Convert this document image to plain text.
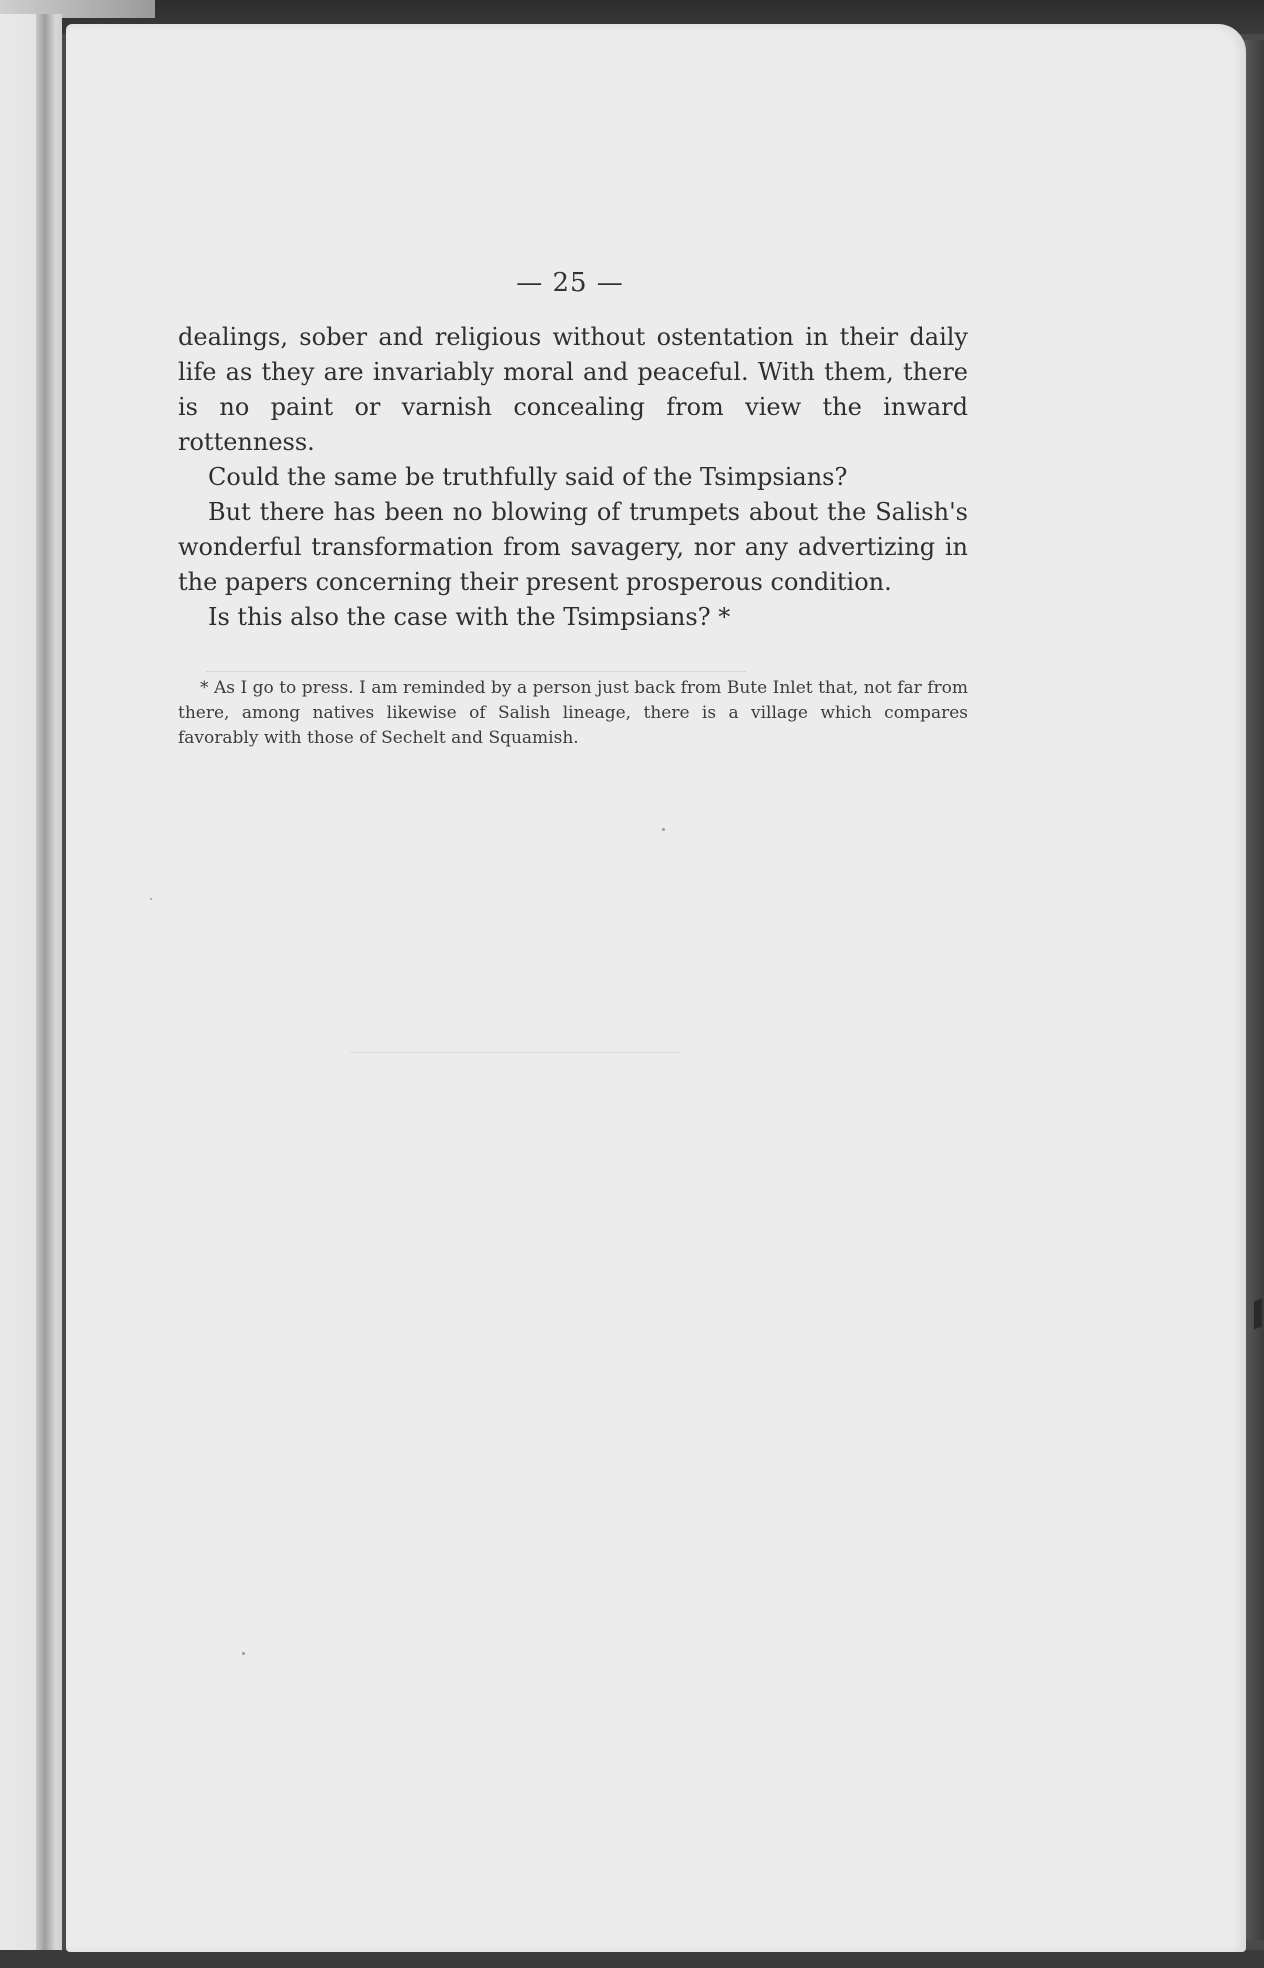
— 25 —

dealings, sober and religious without ostentation in their daily life as they are invariably moral and peaceful. With them, there is no paint or varnish concealing from view the inward rottenness.

Could the same be truthfully said of the Tsimpsians?

But there has been no blowing of trumpets about the Salish's wonderful transformation from savagery, nor any advertizing in the papers concerning their present prosperous condition.

Is this also the case with the Tsimpsians? *

* As I go to press. I am reminded by a person just back from Bute Inlet that, not far from there, among natives likewise of Salish lineage, there is a village which compares favorably with those of Sechelt and Squamish.
